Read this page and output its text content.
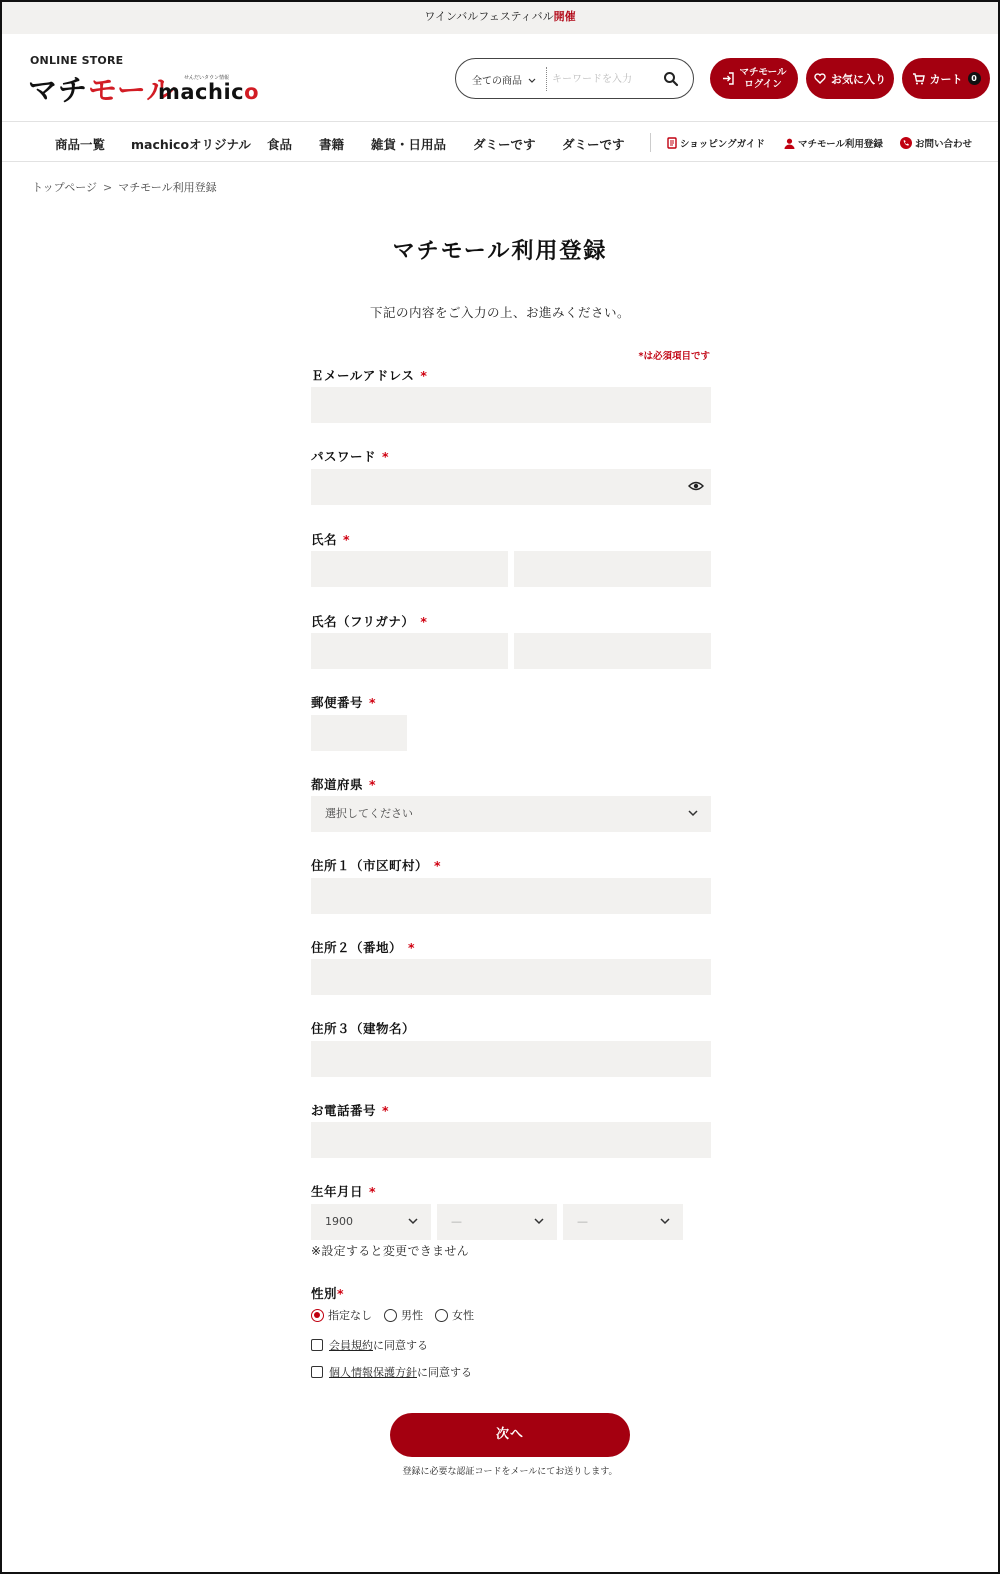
ワインバルフェスティバル開催
ONLINE STORE
マチモール せんだいタウン情報
machico	全ての商品
キーワードを入力
マチモール
ログイン	お気に入り	カート	0
商品一覧 machicoオリジナル 食品 書籍 雑貨・日用品 ダミーです ダミーです	ショッピングガイド	マチモール利用登録	お問い合わせ
トップページ > マチモール利用登録
マチモール利用登録
下記の内容をご入力の上、お進みください。
*は必須項目です
Ｅメールアドレス *
パスワード *
氏名 *
氏名（フリガナ） *
郵便番号 *
都道府県 *
選択してください
住所１（市区町村） *
住所２（番地） *
住所３（建物名）
お電話番号 *
生年月日 *
1900	—	—
※設定すると変更できません
性別*
指定なし	男性	女性
会員規約 に同意する
個人情報保護方針 に同意する
次へ
登録に必要な認証コードをメールにてお送りします。
